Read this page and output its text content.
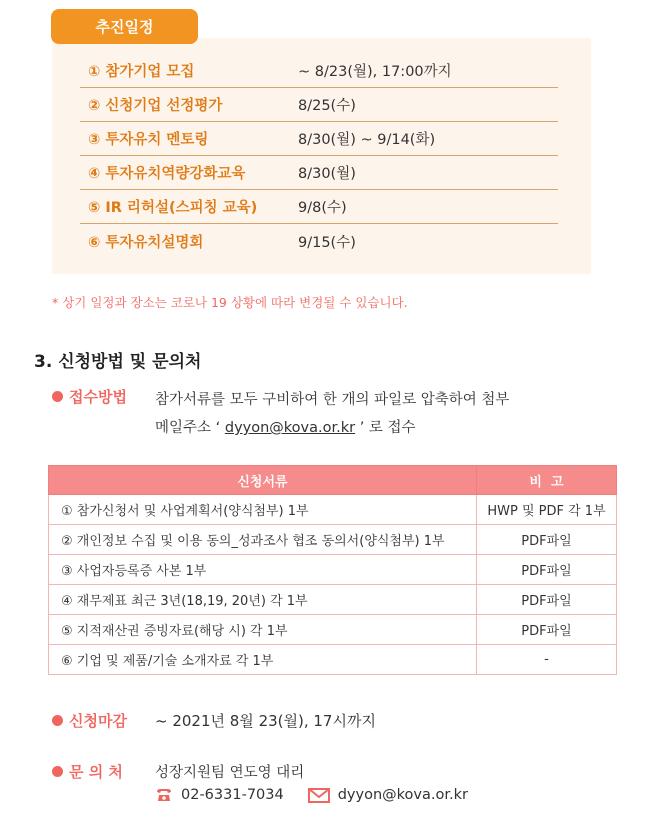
추진일정
① 참가기업 모집	~ 8/23(월), 17:00까지
② 신청기업 선정평가	8/25(수)
③ 투자유치 멘토링	8/30(월) ~ 9/14(화)
④ 투자유치역량강화교육	8/30(월)
⑤ IR 리허설(스피칭 교육)	9/8(수)
⑥ 투자유치설명회	9/15(수)
* 상기 일정과 장소는 코로나 19 상황에 따라 변경될 수 있습니다.
3. 신청방법 및 문의처
접수방법 참가서류를 모두 구비하여 한 개의 파일로 압축하여 첨부
메일주소 ‘ dyyon@kova.or.kr ’ 로 접수
신청서류	비  고
① 참가신청서 및 사업계획서(양식첨부) 1부	HWP 및 PDF 각 1부
② 개인정보 수집 및 이용 동의_성과조사 협조 동의서(양식첨부) 1부	PDF파일
③ 사업자등록증 사본 1부	PDF파일
④ 재무제표 최근 3년(18,19, 20년) 각 1부	PDF파일
⑤ 지적재산권 증빙자료(해당 시) 각 1부	PDF파일
⑥ 기업 및 제품/기술 소개자료 각 1부	-
신청마감 ~ 2021년 8월 23(월), 17시까지
문 의 처 성장지원팀 연도영 대리
02-6331-7034	dyyon@kova.or.kr
